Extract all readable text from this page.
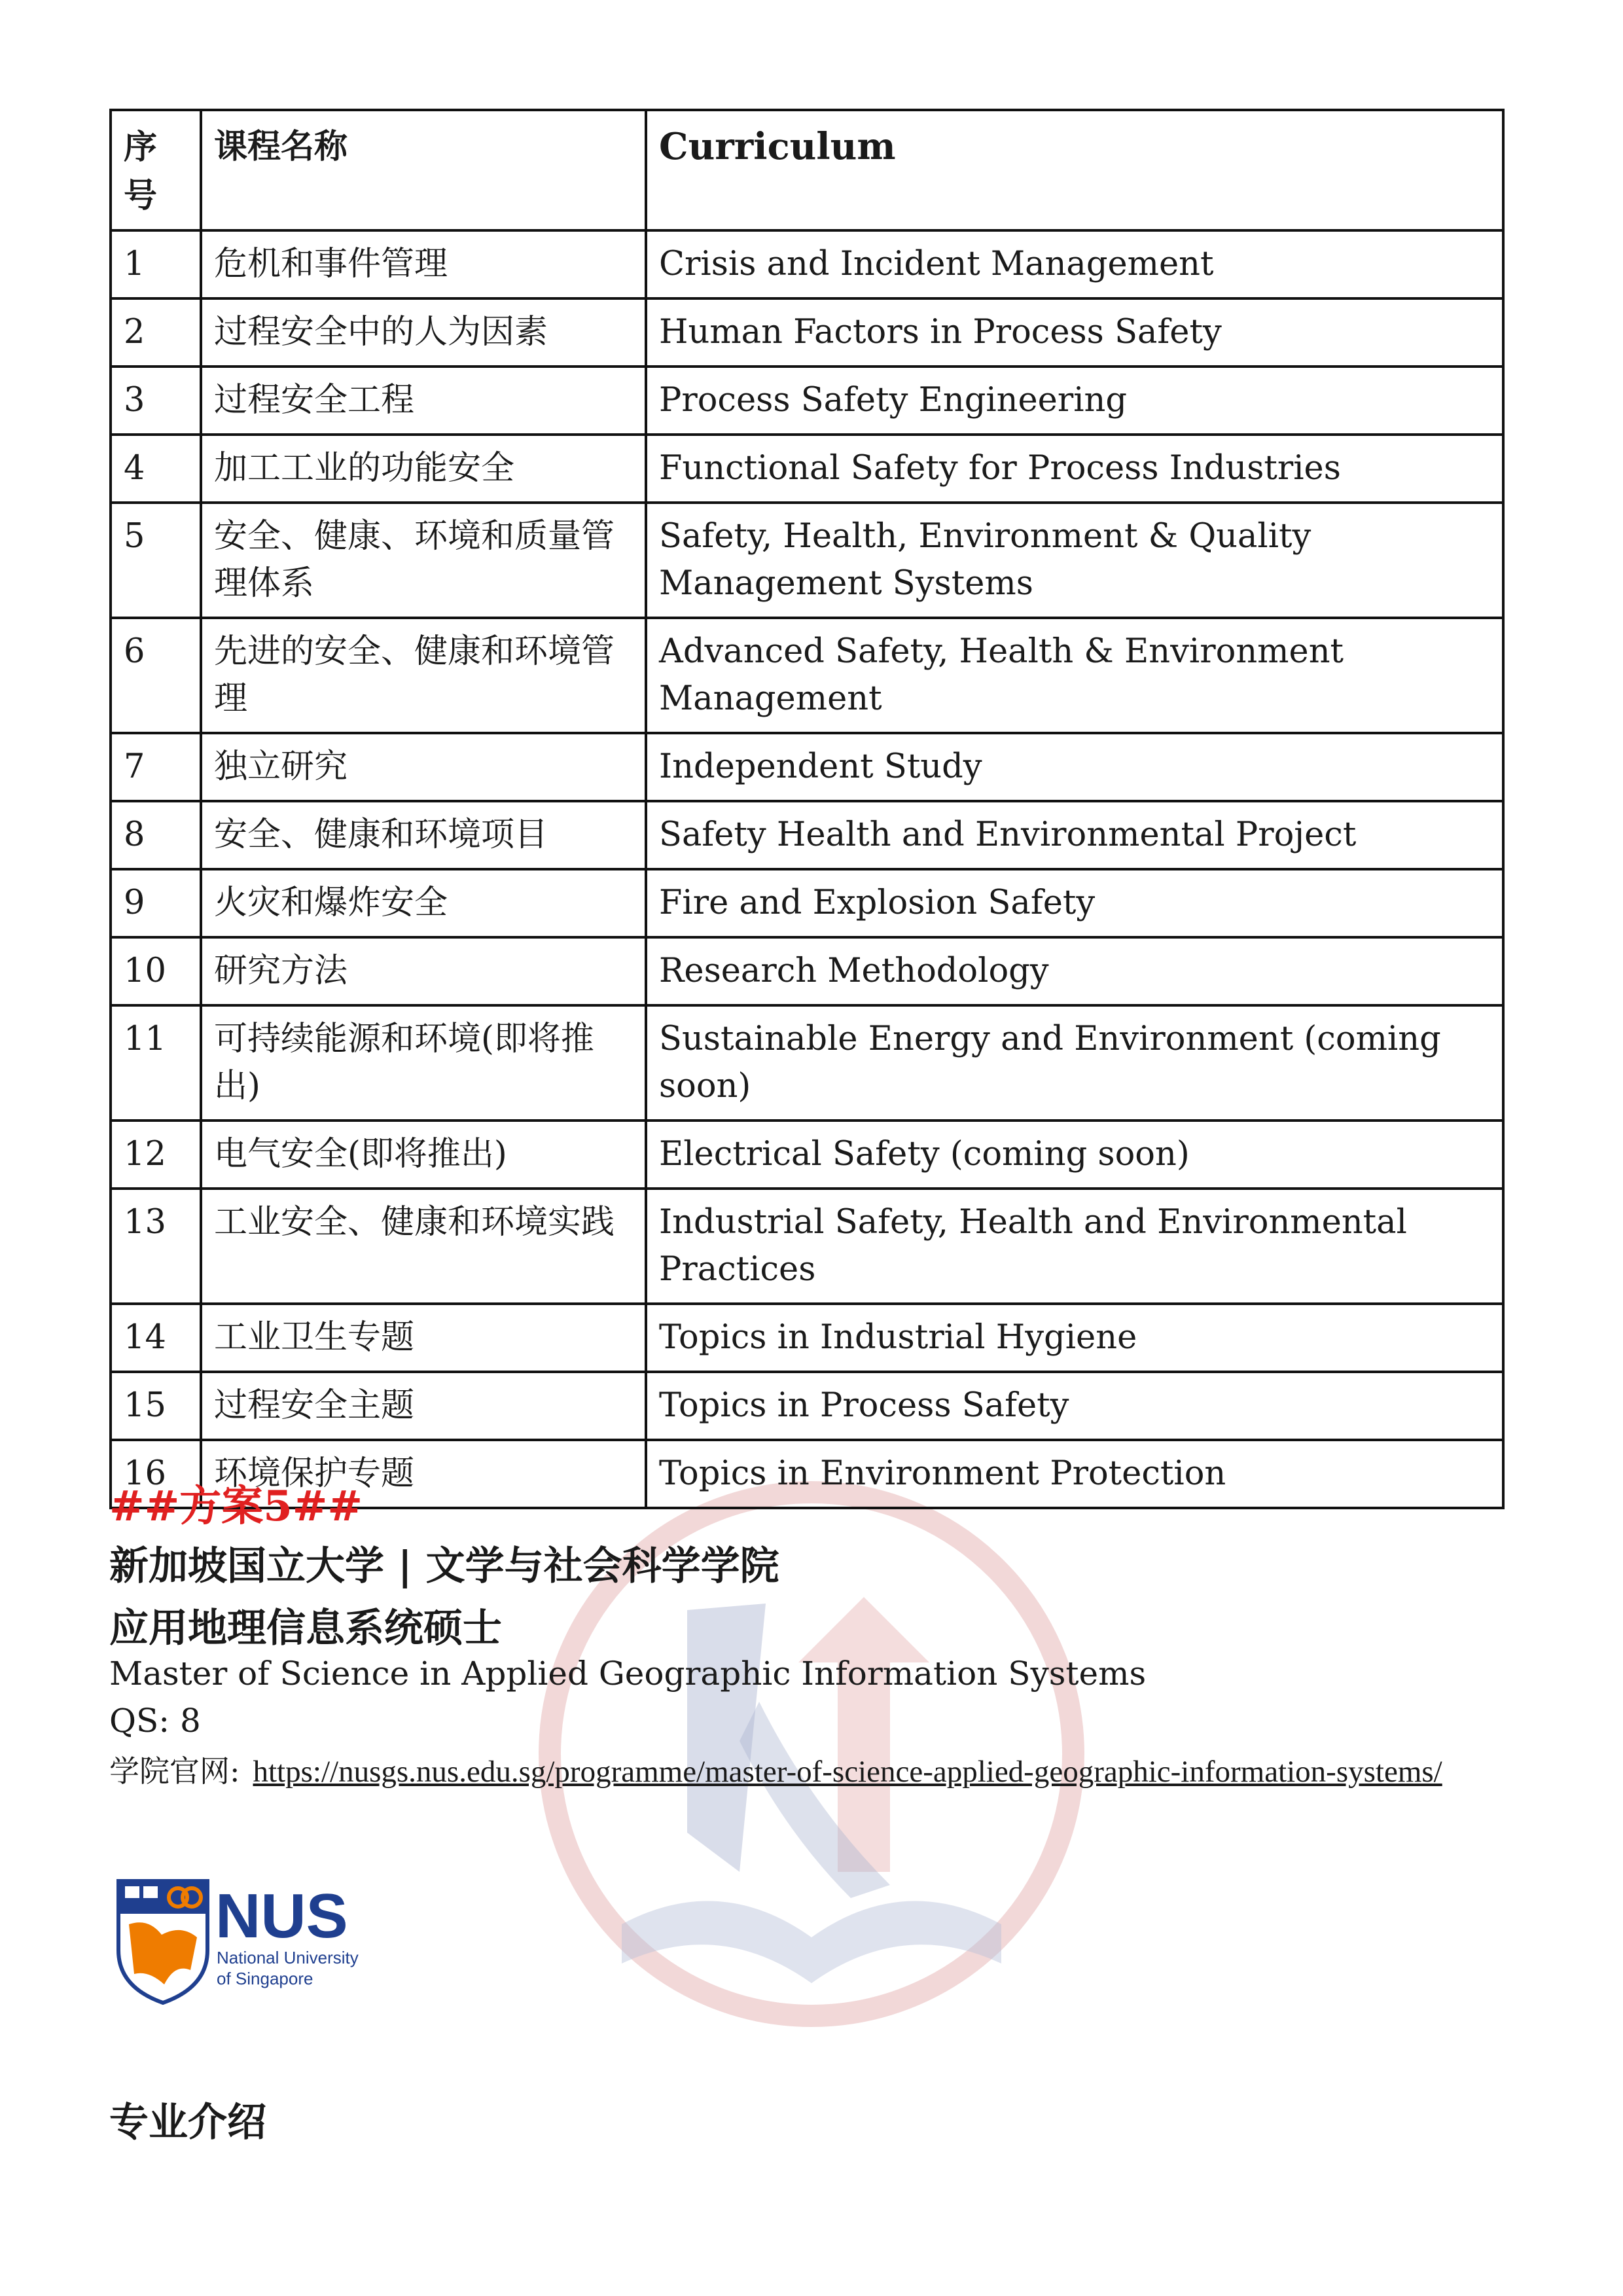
序号	课程名称	Curriculum
1	危机和事件管理	Crisis and Incident Management
2	过程安全中的人为因素	Human Factors in Process Safety
3	过程安全工程	Process Safety Engineering
4	加工工业的功能安全	Functional Safety for Process Industries
5	安全、健康、环境和质量管理体系	Safety, Health, Environment & Quality Management Systems
6	先进的安全、健康和环境管理	Advanced Safety, Health & Environment Management
7	独立研究	Independent Study
8	安全、健康和环境项目	Safety Health and Environmental Project
9	火灾和爆炸安全	Fire and Explosion Safety
10	研究方法	Research Methodology
11	可持续能源和环境(即将推出)	Sustainable Energy and Environment (coming soon)
12	电气安全(即将推出)	Electrical Safety (coming soon)
13	工业安全、健康和环境实践	Industrial Safety, Health and Environmental Practices
14	工业卫生专题	Topics in Industrial Hygiene
15	过程安全主题	Topics in Process Safety
16	环境保护专题	Topics in Environment Protection
##方案5##
新加坡国立大学 | 文学与社会科学学院
应用地理信息系统硕士
Master of Science in Applied Geographic Information Systems
QS: 8
学院官网: https://nusgs.nus.edu.sg/programme/master-of-science-applied-geographic-information-systems/
NUS
National University
of Singapore
专业介绍
